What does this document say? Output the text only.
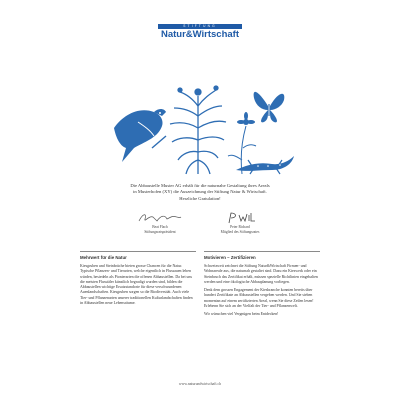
STIFTUNG
Natur&Wirtschaft
Die Abbaustelle Muster AG erhält für die naturnahe Gestaltung ihres Areals
in Musterhofen (XY) die Auszeichnung der Stiftung Natur & Wirtschaft.
Herzliche Gratulation!
Beat Flach
Stiftungsratspräsident
Peter Richard
Mitglied des Stiftungsrates
Mehrwert für die Natur

Kiesgruben und Steinbrüche bieten grosse Chancen für die Natur. Typische Pflanzen- und Tierarten, welche eigentlich in Flussauen leben würden, besiedeln als Pionierarten die offenen Abbaustellen. Da bei uns die meisten Flusstäler künstlich begradigt wurden sind, bilden die Abbaustellen wichtige Ersatzstandorte für diese verschwundenen Auenlandschaften. Kiesgruben sorgen so die Biodiversität. Auch viele Tier- und Pflanzenarten unserer traditionellen Kulturlandschaften finden in Abbaustellen neue Lebensräume.

Motivieren – Zertifizieren

Schweizweit zeichnet die Stiftung Natur&Wirtschaft Firmen- und Wohnareale aus, die naturnah gestaltet sind. Dazu ein Kieswerk oder ein Steinbruch das Zertifikat erhält, müssen spezielle Richtlinien eingehalten werden und eine ökologische Abbauplanung vorliegen.

Denk dem grossen Engagement der Kiesbranche konnten bereits über hundert Zertifikate an Abbaustellen vergeben werden. Und Sie sieben momentan auf einem zertifizierten Areal, wenn Sie diese Zeilen lesen! Erlebenn Sie sich an der Vielfalt der Tier- und Pflanzenwelt.

Wir wünschen viel Vergnügen beim Entdecken!

www.naturundwirtschaft.ch
